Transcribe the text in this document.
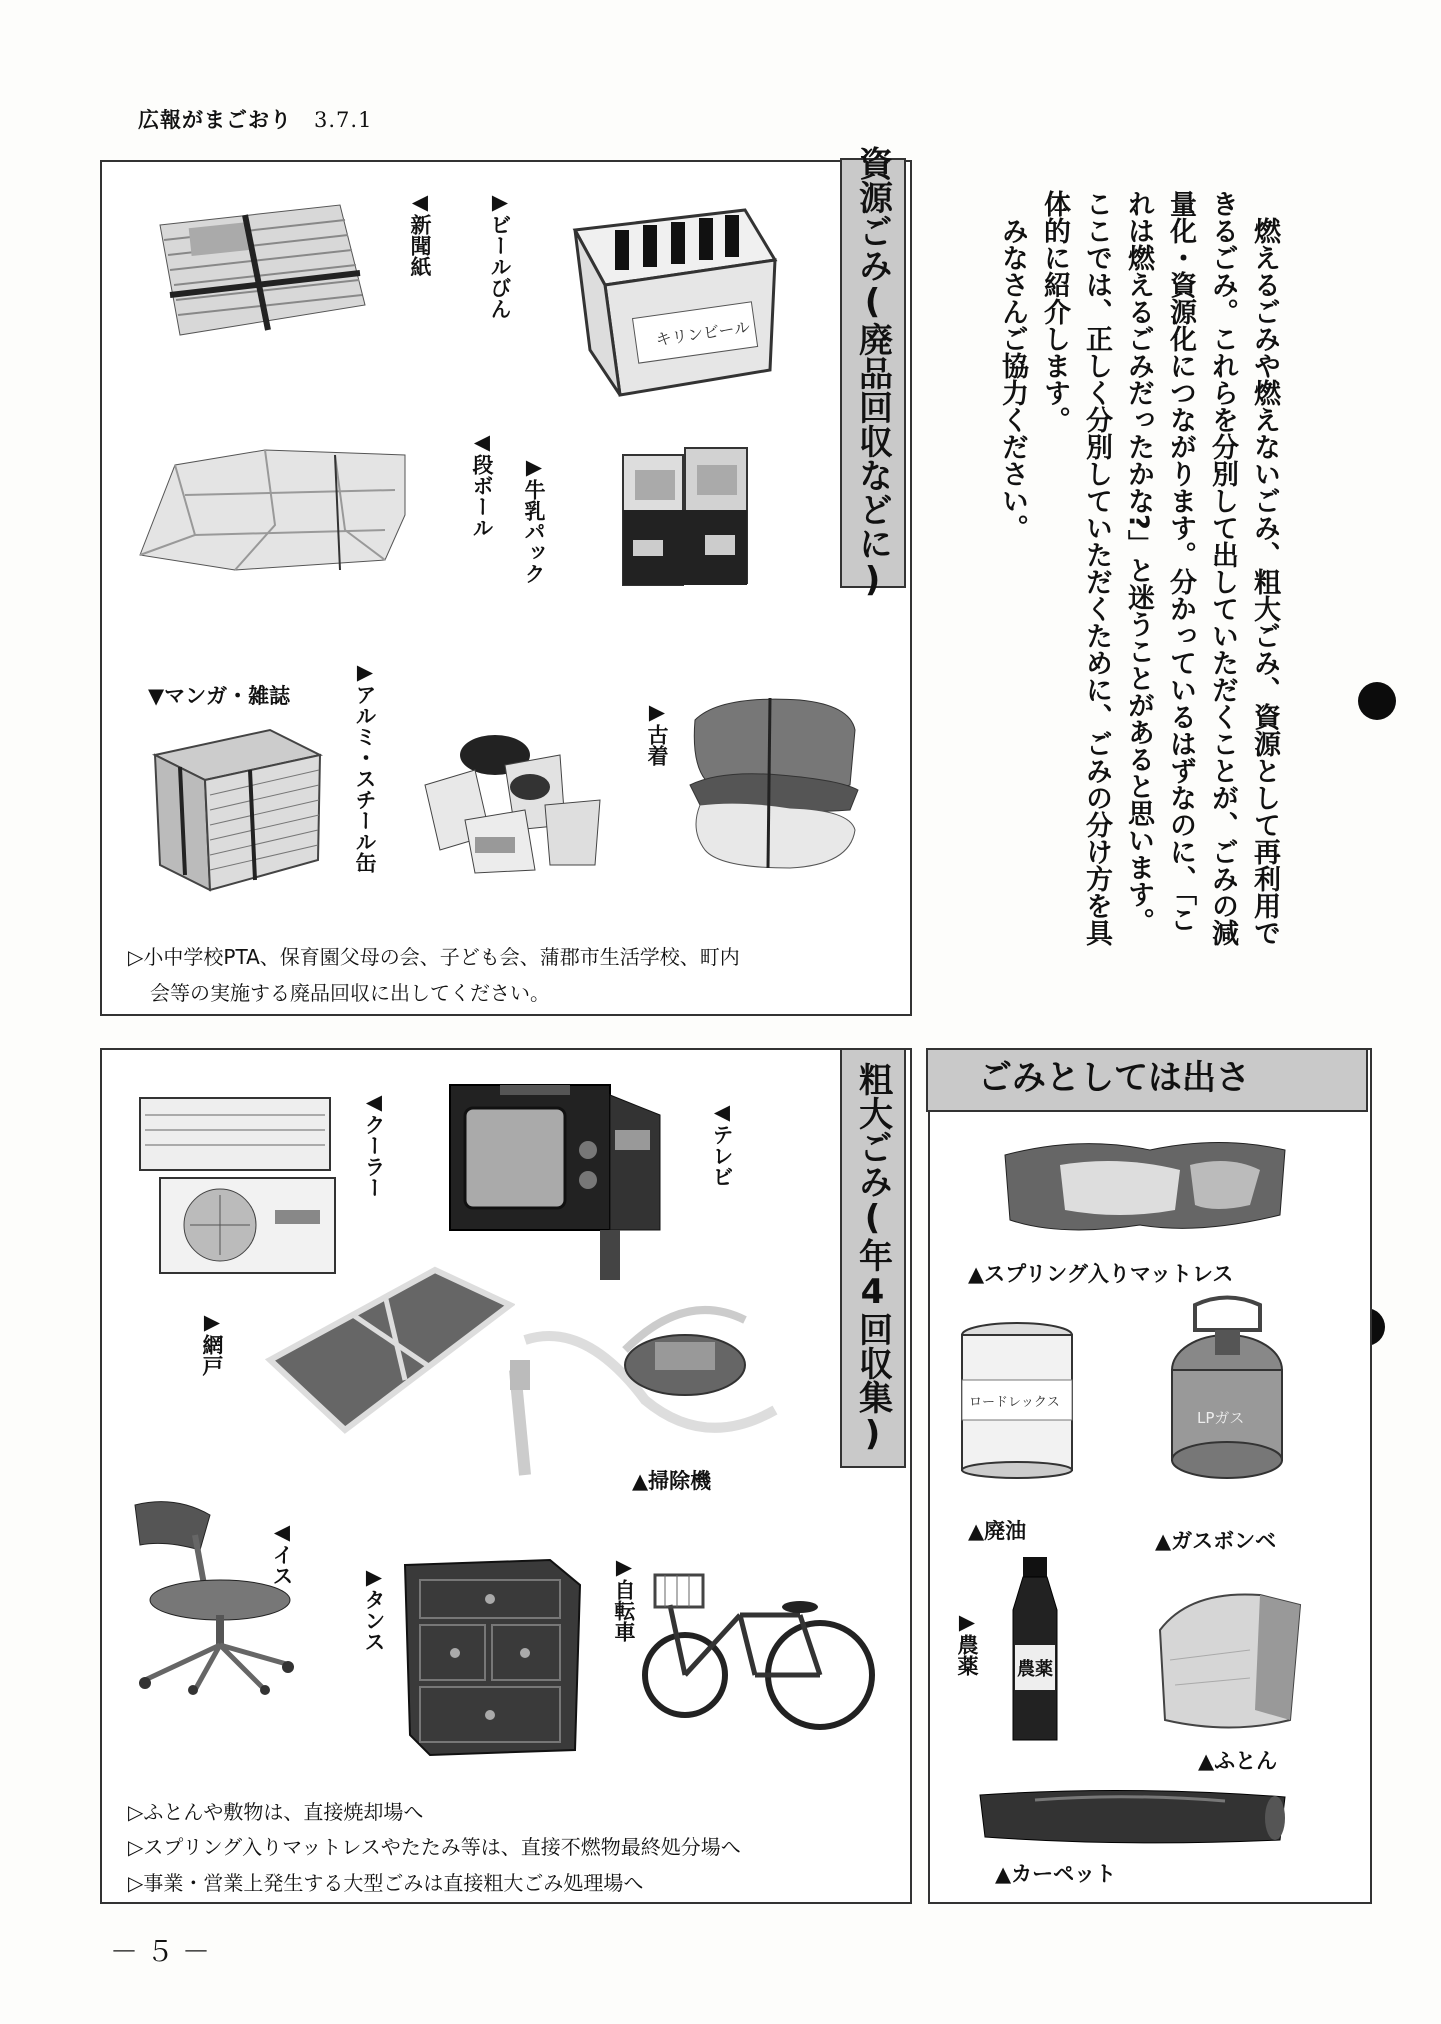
広報がまごおり 3.7.1

燃えるごみや燃えないごみ、粗大ごみ、資源として再利用できるごみ。これらを分別して出していただくことが、ごみの減量化・資源化につながります。分かっているはずなのに、「これは燃えるごみだったかな?」と迷うことがあると思います。ここでは、正しく分別していただくために、ごみの分け方を具体的に紹介します。

みなさんご協力ください。

資源ごみ(廃品回収などに)
◀新聞紙	▶ビールびん
キリンビール
◀段ボール ▶牛乳パック
▼マンガ・雑誌	▶アルミ・スチール缶	▶古着
▷小中学校PTA、保育園父母の会、子ども会、蒲郡市生活学校、町内
会等の実施する廃品回収に出してください。
粗大ごみ(年4回収集)
◀クーラー	◀テレビ
▶網戸
▲掃除機
◀イス
▶タンス	▶自転車
▷ふとんや敷物は、直接焼却場へ
▷スプリング入りマットレスやたたみ等は、直接不燃物最終処分場へ
▷事業・営業上発生する大型ごみは直接粗大ごみ処理場へ
ごみとしては出さ
▲スプリング入りマットレス
ロードレックス
▲廃油
LPガス
▲ガスボンベ
▶農薬 農薬
▲ふとん
▲カーペット
－５－
